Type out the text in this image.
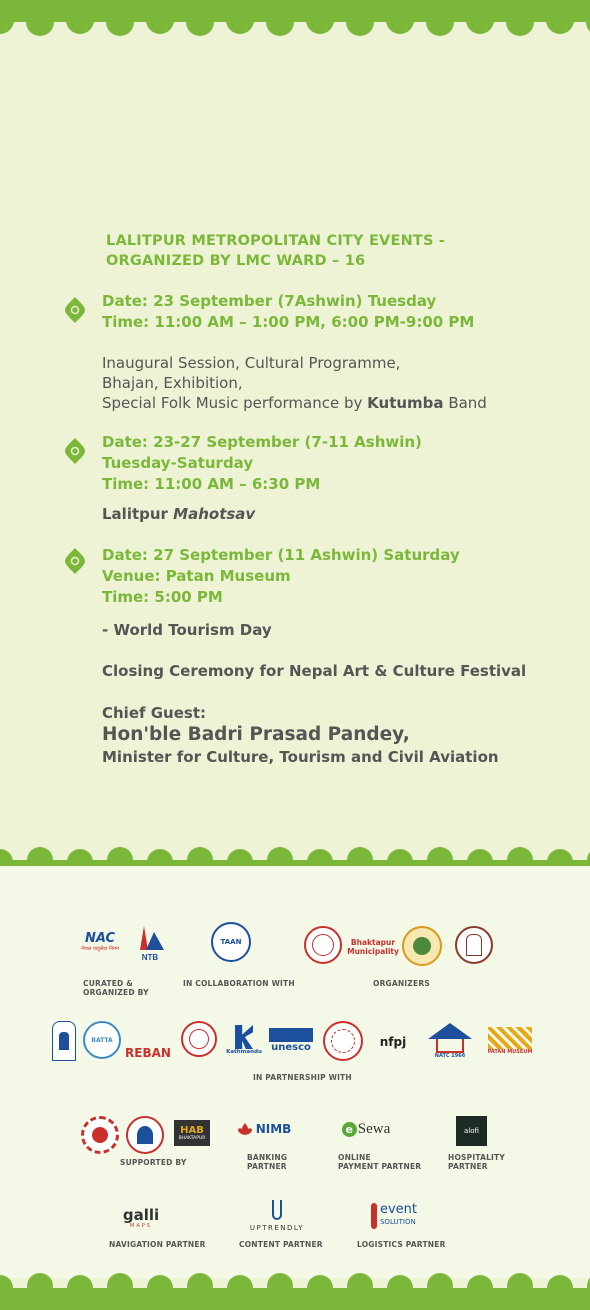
LALITPUR METROPOLITAN CITY EVENTS -
ORGANIZED BY LMC WARD – 16
Date: 23 September (7Ashwin) Tuesday
Time: 11:00 AM – 1:00 PM, 6:00 PM-9:00 PM
Inaugural Session, Cultural Programme,
Bhajan, Exhibition,
Special Folk Music performance by Kutumba Band
Date: 23-27 September (7-11 Ashwin)
Tuesday-Saturday
Time: 11:00 AM – 6:30 PM
Lalitpur Mahotsav
Date: 27 September (11 Ashwin) Saturday
Venue: Patan Museum
Time: 5:00 PM
- World Tourism Day
Closing Ceremony for Nepal Art & Culture Festival
Chief Guest:
Hon'ble Badri Prasad Pandey,
Minister for Culture, Tourism and Civil Aviation
NAC
नेपाल वायुसेवा निगम
NTB
TAAN	Bhaktapur Municipality
CURATED &
ORGANIZED BY
IN COLLABORATION WITH	ORGANIZERS
RATTA
REBAN	Kathmandu unesco	nfpj
NATC 1966
PATAN MUSEUM
IN PARTNERSHIP WITH
HAB
BHAKTAPUR
NIMB	e Sewa	alofi
SUPPORTED BY
BANKING
PARTNER
ONLINE
PAYMENT PARTNER
HOSPITALITY
PARTNER
galli
MAPS	UPTRENDLY
event
SOLUTION
NAVIGATION PARTNER	CONTENT PARTNER	LOGISTICS PARTNER
